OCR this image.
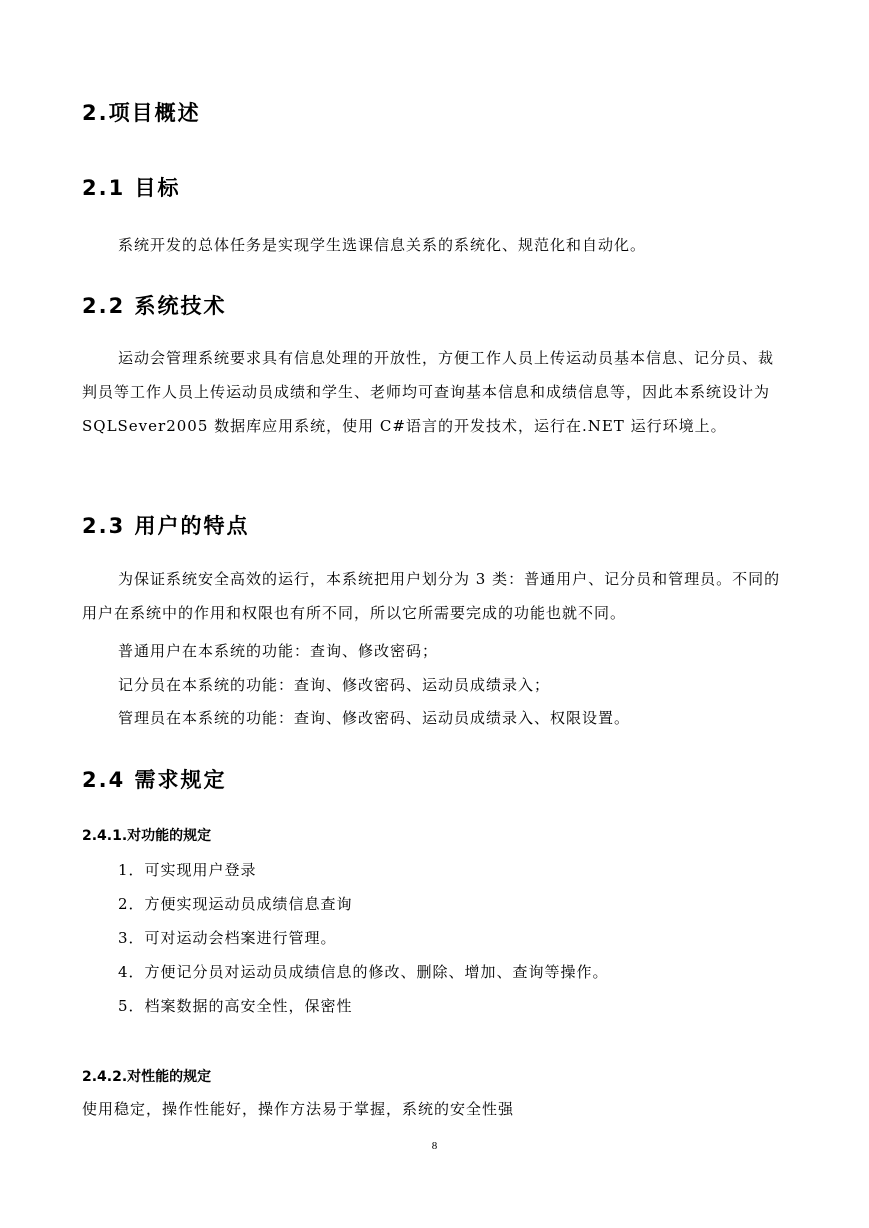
2.项目概述
2.1 目标
系统开发的总体任务是实现学生选课信息关系的系统化、规范化和自动化。
2.2 系统技术
运动会管理系统要求具有信息处理的开放性，方便工作人员上传运动员基本信息、记分员、裁判员等工作人员上传运动员成绩和学生、老师均可查询基本信息和成绩信息等，因此本系统设计为 SQLSever2005 数据库应用系统，使用 C#语言的开发技术，运行在.NET 运行环境上。
2.3 用户的特点
为保证系统安全高效的运行，本系统把用户划分为 3 类：普通用户、记分员和管理员。不同的用户在系统中的作用和权限也有所不同，所以它所需要完成的功能也就不同。
普通用户在本系统的功能：查询、修改密码；
记分员在本系统的功能：查询、修改密码、运动员成绩录入；
管理员在本系统的功能：查询、修改密码、运动员成绩录入、权限设置。
2.4 需求规定
2.4.1.对功能的规定
1．可实现用户登录
2．方便实现运动员成绩信息查询
3．可对运动会档案进行管理。
4．方便记分员对运动员成绩信息的修改、删除、增加、查询等操作。
5．档案数据的高安全性，保密性
2.4.2.对性能的规定
使用稳定，操作性能好，操作方法易于掌握，系统的安全性强
8
